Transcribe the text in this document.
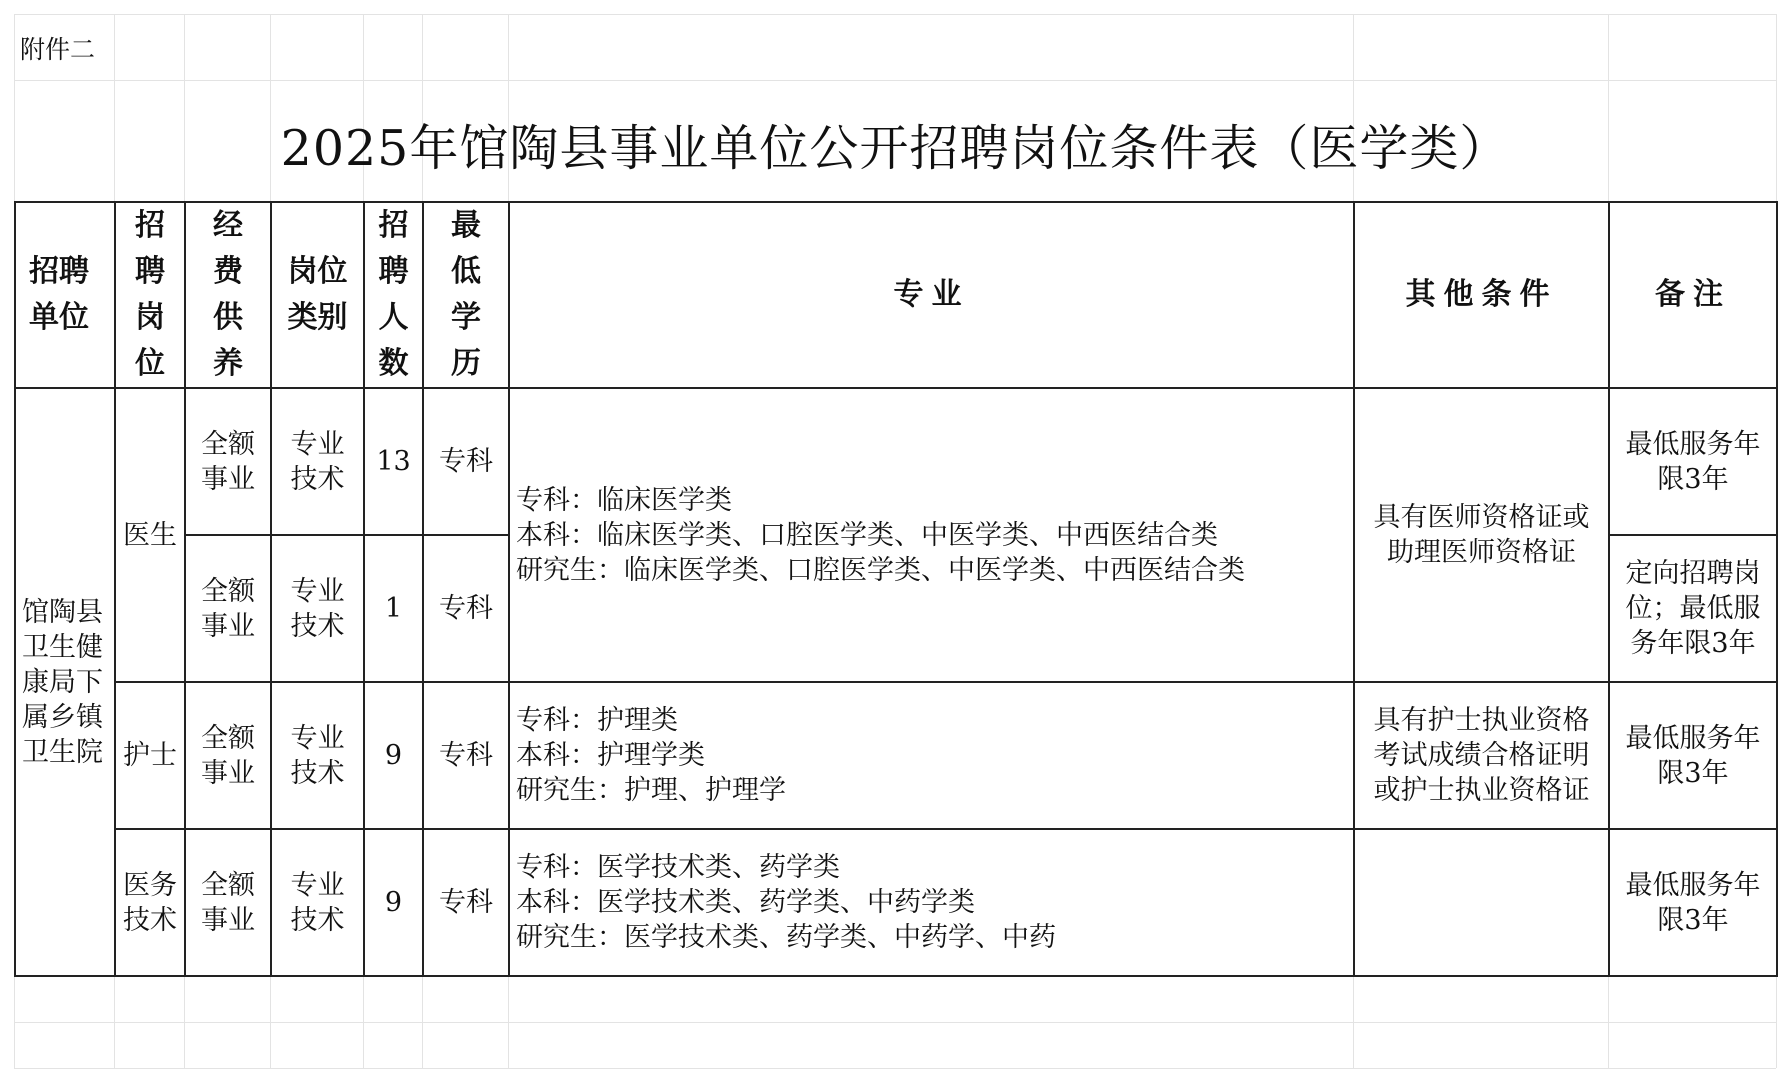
附件二
2025年馆陶县事业单位公开招聘岗位条件表（医学类）
招聘单位	招聘岗位	经费供养	岗位类别	招聘人数	最低学历	专业	其他条件	备注
馆陶县卫生健康局下属乡镇卫生院	医生	全额事业	专业技术	13	专科	专科：临床医学类
本科：临床医学类、口腔医学类、中医学类、中西医结合类
研究生：临床医学类、口腔医学类、中医学类、中西医结合类	具有医师资格证或助理医师资格证	最低服务年限3年
		全额事业	专业技术	1	专科			定向招聘岗位；最低服务年限3年
	护士	全额事业	专业技术	9	专科	专科：护理类
本科：护理学类
研究生：护理、护理学	具有护士执业资格考试成绩合格证明或护士执业资格证	最低服务年限3年

	医务技术	全额事业	专业技术	9	专科	专科：医学技术类、药学类
本科：医学技术类、药学类、中药学类
研究生：医学技术类、药学类、中药学、中药		最低服务年限3年
